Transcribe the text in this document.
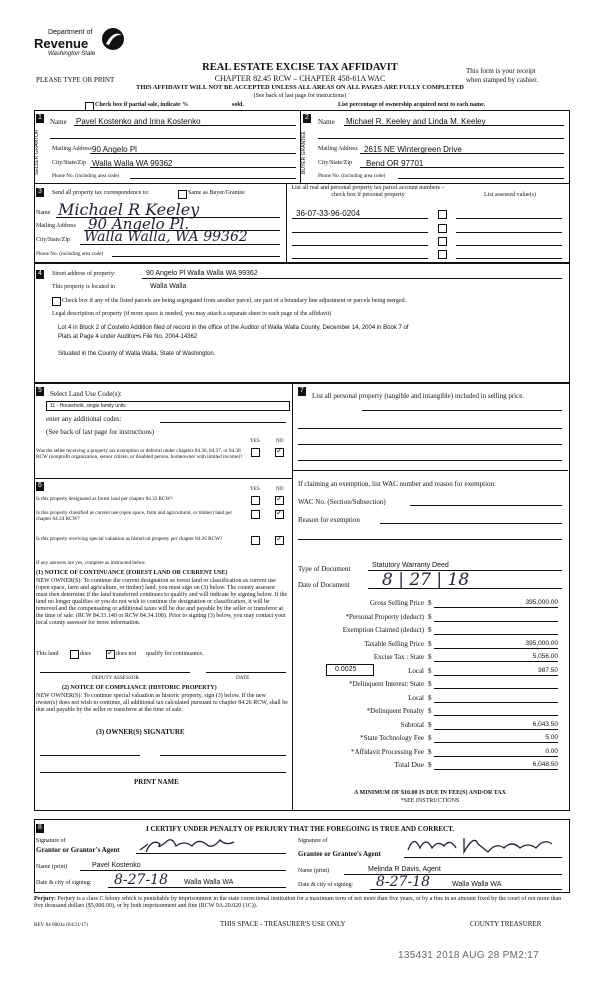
Department of
Revenue
Washington State
PLEASE TYPE OR PRINT
REAL ESTATE EXCISE TAX AFFIDAVIT
CHAPTER 82.45 RCW – CHAPTER 458-61A WAC
THIS AFFIDAVIT WILL NOT BE ACCEPTED UNLESS ALL AREAS ON ALL PAGES ARE FULLY COMPLETED
(See back of last page for instructions)
This form is your receipt
when stamped by cashier.
Check box if partial sale, indicate %	sold.	List percentage of ownership acquired next to each name.
1
SELLER GRANTOR
Name Pavel Kostenko and Irina Kostenko
Mailing Address 90 Angelo Pl
City/State/Zip Walla Walla WA 99362
Phone No. (including area code)
2
BUYER GRANTEE
Name Michael R. Keeley and Linda M. Keeley
Mailing Address 2615 NE Wintergreen Drive
City/State/Zip Bend OR 97701
Phone No. (including area code)
3	Send all property tax correspondence to:	Same as Buyer/Grantee
Name Michael R Keeley
Mailing Address 90 Angelo Pl.
City/State/Zip Walla Walla, WA 99362
Phone No. (including area code)
List all real and personal property tax parcel account numbers – check box if personal property	List assessed value(s)
36-07-33-96-0204
4	Street address of property:	90 Angelo Pl Walla Walla WA 99362
This property is located in	Walla Walla
Check box if any of the listed parcels are being segregated from another parcel, are part of a boundary line adjustment or parcels being merged.
Legal description of property (if more space is needed, you may attach a separate sheet to each page of the affidavit)
Lot 4 in Block 2 of Costello Addition filed of record in the office of the Auditor of Walla Walla County, December 14, 2004 in Book 7 of
Plats at Page 4 under Auditor•s File No. 2004-14362
Situated in the County of Walla Walla, State of Washington.
5 Select Land Use Code(s):
11 - Household, single family units
enter any additional codes:
(See back of last page for instructions)
YES	NO
Was the seller receiving a property tax exemption or deferral under chapters 84.36, 84.37, or 84.38 RCW (nonprofit organization, senior citizen, or disabled person, homeowner with limited income)?
✓
6	YES	NO
Is this property designated as forest land per chapter 84.33 RCW?
✓
Is this property classified as current use (open space, farm and agricultural, or timber) land per chapter 84.34 RCW?
✓
Is this property receiving special valuation as historical property per chapter 84.26 RCW?
✓
If any answers are yes, complete as instructed below.
(1) NOTICE OF CONTINUANCE (FOREST LAND OR CURRENT USE)
NEW OWNER(S): To continue the current designation as forest land or classification as current use (open space, farm and agriculture, or timber) land, you must sign on (3) below. The county assessor must then determine if the land transferred continues to qualify and will indicate by signing below. If the land no longer qualifies or you do not wish to continue the designation or classification, it will be removed and the compensating or additional taxes will be due and payable by the seller or transferor at the time of sale. (RCW 84.33.140 or RCW 84.34.108). Prior to signing (3) below, you may contact your local county assessor for more information.
This land	does
✓	does not qualify for continuance.
DEPUTY ASSESSOR	DATE
(2) NOTICE OF COMPLIANCE (HISTORIC PROPERTY)
NEW OWNER(S): To continue special valuation as historic property, sign (3) below. If the new owner(s) does not wish to continue, all additional tax calculated pursuant to chapter 84.26 RCW, shall be due and payable by the seller or transferor at the time of sale.
(3) OWNER(S) SIGNATURE
PRINT NAME
7
List all personal property (tangible and intangible) included in selling price.
If claiming an exemption, list WAC number and reason for exemption:
WAC No. (Section/Subsection)
Reason for exemption
Type of Document	Statutory Warranty Deed
Date of Document 8 | 27 | 18
Gross Selling Price $	395,000.00
*Personal Property (deduct) $
Exemption Claimed (deduct) $
Taxable Selling Price $	395,000.00
Excise Tax : State $	5,056.00
Local $	987.50
*Delinquent Interest: State $
Local $
*Delinquent Penalty $
Subtotal $	6,043.50
*State Technology Fee $	5.00
*Affidavit Processing Fee $	0.00
Total Due $	6,048.50
0.0025
A MINIMUM OF $10.00 IS DUE IN FEE(S) AND/OR TAX
*SEE INSTRUCTIONS
8	I CERTIFY UNDER PENALTY OF PERJURY THAT THE FOREGOING IS TRUE AND CORRECT.
Signature of
Grantor or Grantor's Agent
Name (print)	Pavel Kostenko
Date & city of signing: 8-27-18 Walla Walla WA
Signature of
Grantee or Grantee's Agent
Name (print)	Melinda R Davis, Agent
Date & city of signing: 8-27-18	Walla Walla WA
Perjury: Perjury is a class C felony which is punishable by imprisonment in the state correctional institution for a maximum term of not more than five years, or by a fine in an amount fixed by the court of not more than five thousand dollars ($5,000.00), or by both imprisonment and fine (RCW 9A.20.020 (1C)).
REV 84 0001a (04/21/17)	THIS SPACE - TREASURER'S USE ONLY	COUNTY TREASURER
135431 2018 AUG 28 PM2:17
